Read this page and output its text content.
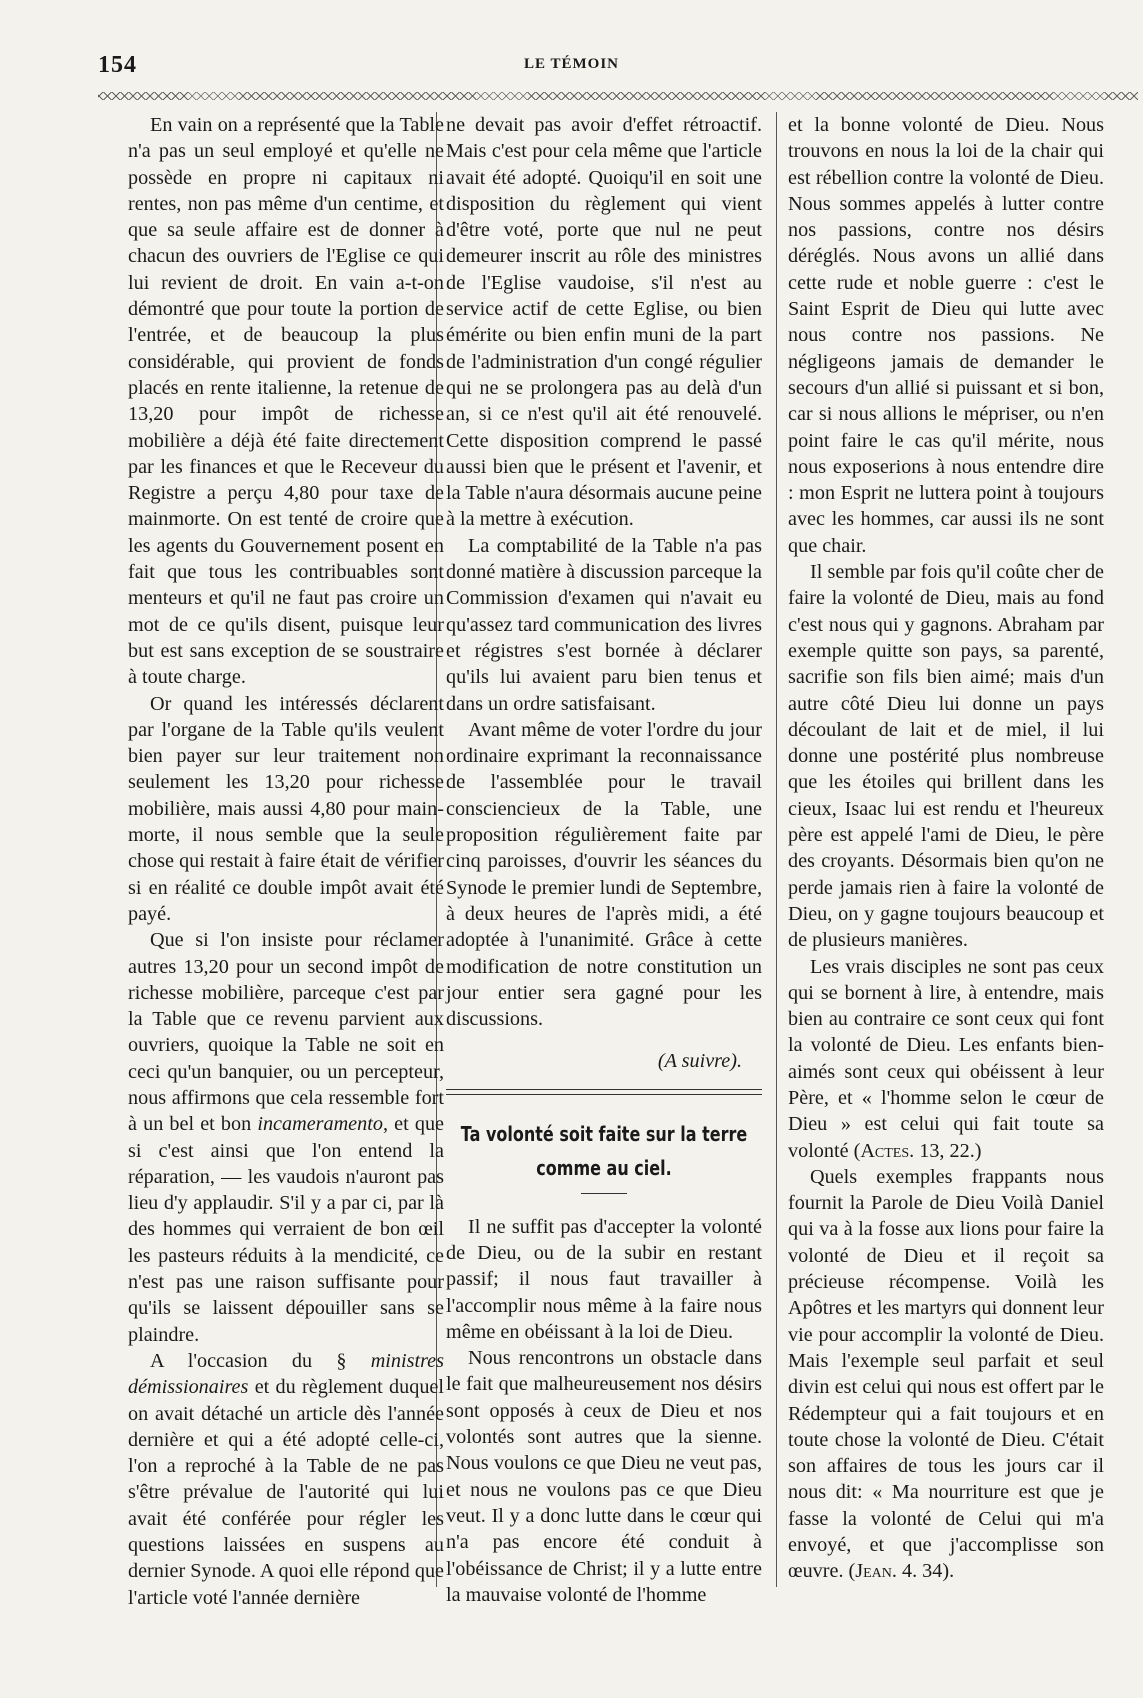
154	LE TÉMOIN

En vain on a représenté que la Table n'a pas un seul employé et qu'elle ne possède en propre ni capitaux ni rentes, non pas même d'un centime, et que sa seule affaire est de donner à chacun des ouvriers de l'Eglise ce qui lui revient de droit. En vain a-t-on démontré que pour toute la portion de l'entrée, et de beaucoup la plus considérable, qui provient de fonds placés en rente italienne, la retenue de 13,20 pour impôt de richesse mobilière a déjà été faite directement par les finances et que le Receveur du Registre a perçu 4,80 pour taxe de mainmorte. On est tenté de croire que les agents du Gouvernement posent en fait que tous les contribuables sont menteurs et qu'il ne faut pas croire un mot de ce qu'ils disent, puisque leur but est sans exception de se soustraire à toute charge.

Or quand les intéressés déclarent par l'organe de la Table qu'ils veulent bien payer sur leur traitement non seulement les 13,20 pour richesse mobilière, mais aussi 4,80 pour main-morte, il nous semble que la seule chose qui restait à faire était de vérifier si en réalité ce double impôt avait été payé.

Que si l'on insiste pour réclamer autres 13,20 pour un second impôt de richesse mobilière, parceque c'est par la Table que ce revenu parvient aux ouvriers, quoique la Table ne soit en ceci qu'un banquier, ou un percepteur, nous affirmons que cela ressemble fort à un bel et bon incameramento, et que si c'est ainsi que l'on entend la réparation, — les vaudois n'auront pas lieu d'y applaudir. S'il y a par ci, par là des hommes qui verraient de bon œil les pasteurs réduits à la mendicité, ce n'est pas une raison suffisante pour qu'ils se laissent dépouiller sans se plaindre.

A l'occasion du § ministres démissionaires et du règlement duquel on avait détaché un article dès l'année dernière et qui a été adopté celle-ci, l'on a reproché à la Table de ne pas s'être prévalue de l'autorité qui lui avait été conférée pour régler les questions laissées en suspens au dernier Synode. A quoi elle répond que l'article voté l'année dernière

ne devait pas avoir d'effet rétroactif. Mais c'est pour cela même que l'article avait été adopté. Quoiqu'il en soit une disposition du règlement qui vient d'être voté, porte que nul ne peut demeurer inscrit au rôle des ministres de l'Eglise vaudoise, s'il n'est au service actif de cette Eglise, ou bien émérite ou bien enfin muni de la part de l'administration d'un congé régulier qui ne se prolongera pas au delà d'un an, si ce n'est qu'il ait été renouvelé. Cette disposition comprend le passé aussi bien que le présent et l'avenir, et la Table n'aura désormais aucune peine à la mettre à exécution.

La comptabilité de la Table n'a pas donné matière à discussion parceque la Commission d'examen qui n'avait eu qu'assez tard communication des livres et régistres s'est bornée à déclarer qu'ils lui avaient paru bien tenus et dans un ordre satisfaisant.

Avant même de voter l'ordre du jour ordinaire exprimant la reconnaissance de l'assemblée pour le travail consciencieux de la Table, une proposition régulièrement faite par cinq paroisses, d'ouvrir les séances du Synode le premier lundi de Septembre, à deux heures de l'après midi, a été adoptée à l'unanimité. Grâce à cette modification de notre constitution un jour entier sera gagné pour les discussions.

(A suivre).

Ta volonté soit faite sur la terre
comme au ciel.

Il ne suffit pas d'accepter la volonté de Dieu, ou de la subir en restant passif; il nous faut travailler à l'accomplir nous même à la faire nous même en obéissant à la loi de Dieu.

Nous rencontrons un obstacle dans le fait que malheureusement nos désirs sont opposés à ceux de Dieu et nos volontés sont autres que la sienne. Nous voulons ce que Dieu ne veut pas, et nous ne voulons pas ce que Dieu veut. Il y a donc lutte dans le cœur qui n'a pas encore été conduit à l'obéissance de Christ; il y a lutte entre la mauvaise volonté de l'homme

et la bonne volonté de Dieu. Nous trouvons en nous la loi de la chair qui est rébellion contre la volonté de Dieu. Nous sommes appelés à lutter contre nos passions, contre nos désirs déréglés. Nous avons un allié dans cette rude et noble guerre : c'est le Saint Esprit de Dieu qui lutte avec nous contre nos passions. Ne négligeons jamais de demander le secours d'un allié si puissant et si bon, car si nous allions le mépriser, ou n'en point faire le cas qu'il mérite, nous nous exposerions à nous entendre dire : mon Esprit ne luttera point à toujours avec les hommes, car aussi ils ne sont que chair.

Il semble par fois qu'il coûte cher de faire la volonté de Dieu, mais au fond c'est nous qui y gagnons. Abraham par exemple quitte son pays, sa parenté, sacrifie son fils bien aimé; mais d'un autre côté Dieu lui donne un pays découlant de lait et de miel, il lui donne une postérité plus nombreuse que les étoiles qui brillent dans les cieux, Isaac lui est rendu et l'heureux père est appelé l'ami de Dieu, le père des croyants. Désormais bien qu'on ne perde jamais rien à faire la volonté de Dieu, on y gagne toujours beaucoup et de plusieurs manières.

Les vrais disciples ne sont pas ceux qui se bornent à lire, à entendre, mais bien au contraire ce sont ceux qui font la volonté de Dieu. Les enfants bien-aimés sont ceux qui obéissent à leur Père, et « l'homme selon le cœur de Dieu » est celui qui fait toute sa volonté (Actes. 13, 22.)

Quels exemples frappants nous fournit la Parole de Dieu Voilà Daniel qui va à la fosse aux lions pour faire la volonté de Dieu et il reçoit sa précieuse récompense. Voilà les Apôtres et les martyrs qui donnent leur vie pour accomplir la volonté de Dieu. Mais l'exemple seul parfait et seul divin est celui qui nous est offert par le Rédempteur qui a fait toujours et en toute chose la volonté de Dieu. C'était son affaires de tous les jours car il nous dit: « Ma nourriture est que je fasse la volonté de Celui qui m'a envoyé, et que j'accomplisse son œuvre. (Jean. 4. 34).
